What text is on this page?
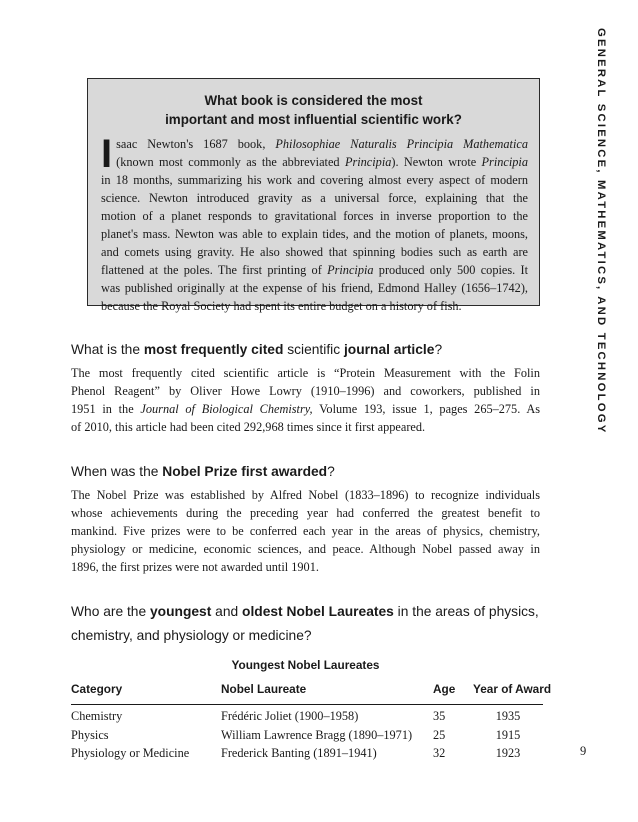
GENERAL SCIENCE, MATHEMATICS, AND TECHNOLOGY
What book is considered the most
important and most influential scientific work?
I saac Newton's 1687 book, Philosophiae Naturalis Principia Mathematica
(known most commonly as the abbreviated Principia). Newton wrote Principia
in 18 months, summarizing his work and covering almost every aspect of modern
science. Newton introduced gravity as a universal force, explaining that the
motion of a planet responds to gravitational forces in inverse proportion to the
planet's mass. Newton was able to explain tides, and the motion of planets, moons,
and comets using gravity. He also showed that spinning bodies such as earth are
flattened at the poles. The first printing of Principia produced only 500 copies. It
was published originally at the expense of his friend, Edmond Halley (1656–1742),
because the Royal Society had spent its entire budget on a history of fish.
What is the most frequently cited scientific journal article?
The most frequently cited scientific article is “Protein Measurement with the Folin
Phenol Reagent” by Oliver Howe Lowry (1910–1996) and coworkers, published in
1951 in the Journal of Biological Chemistry, Volume 193, issue 1, pages 265–275. As
of 2010, this article had been cited 292,968 times since it first appeared.
When was the Nobel Prize first awarded?
The Nobel Prize was established by Alfred Nobel (1833–1896) to recognize individuals
whose achievements during the preceding year had conferred the greatest benefit to
mankind. Five prizes were to be conferred each year in the areas of physics, chemistry,
physiology or medicine, economic sciences, and peace. Although Nobel passed away in
1896, the first prizes were not awarded until 1901.
Who are the youngest and oldest Nobel Laureates in the areas of physics,
chemistry, and physiology or medicine?
Youngest Nobel Laureates
Category	Nobel Laureate	Age Year of Award
Chemistry	Frédéric Joliet (1900–1958)	35	1935
Physics	William Lawrence Bragg (1890–1971) 25	1915
Physiology or Medicine	Frederick Banting (1891–1941)	32	1923	9
